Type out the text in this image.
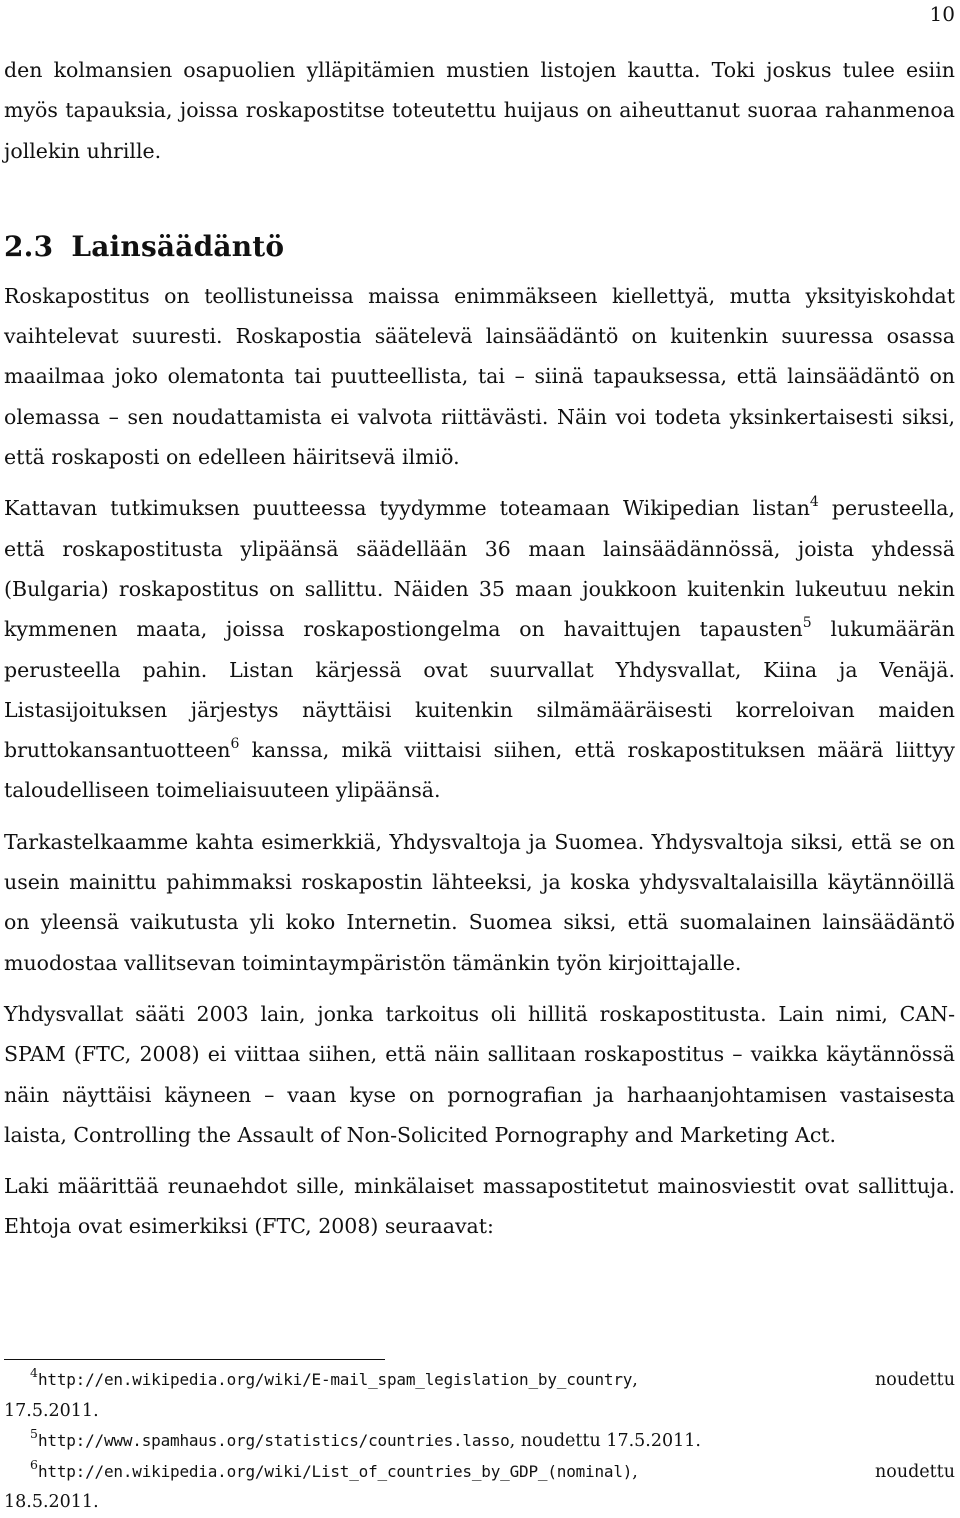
10

den kolmansien osapuolien ylläpitämien mustien listojen kautta. Toki joskus tulee esiin myös tapauksia, joissa roskapostitse toteutettu huijaus on aiheuttanut suoraa rahanmenoa jollekin uhrille.

2.3 Lainsäädäntö

Roskapostitus on teollistuneissa maissa enimmäkseen kiellettyä, mutta yksityiskohdat vaihtelevat suuresti. Roskapostia säätelevä lainsäädäntö on kuitenkin suuressa osassa maailmaa joko olematonta tai puutteellista, tai – siinä tapauksessa, että lainsäädäntö on olemassa – sen noudattamista ei valvota riittävästi. Näin voi todeta yksinkertaisesti siksi, että roskaposti on edelleen häiritsevä ilmiö.

Kattavan tutkimuksen puutteessa tyydymme toteamaan Wikipedian listan$^4$ perusteella, että roskapostitusta ylipäänsä säädellään 36 maan lainsäädännössä, joista yhdessä (Bulgaria) roskapostitus on sallittu. Näiden 35 maan joukkoon kuitenkin lukeutuu nekin kymmenen maata, joissa roskapostiongelma on havaittujen tapausten$^5$ lukumäärän perusteella pahin. Listan kärjessä ovat suurvallat Yhdysvallat, Kiina ja Venäjä. Listasijoituksen järjestys näyttäisi kuitenkin silmämääräisesti korreloivan maiden bruttokansantuotteen$^6$ kanssa, mikä viittaisi siihen, että roskapostituksen määrä liittyy taloudelliseen toimeliaisuuteen ylipäänsä.

Tarkastelkaamme kahta esimerkkiä, Yhdysvaltoja ja Suomea. Yhdysvaltoja siksi, että se on usein mainittu pahimmaksi roskapostin lähteeksi, ja koska yhdysvaltalaisilla käytännöillä on yleensä vaikutusta yli koko Internetin. Suomea siksi, että suomalainen lainsäädäntö muodostaa vallitsevan toimintaympäristön tämänkin työn kirjoittajalle.

Yhdysvallat sääti 2003 lain, jonka tarkoitus oli hillitä roskapostitusta. Lain nimi, CAN-SPAM (FTC, 2008) ei viittaa siihen, että näin sallitaan roskapostitus – vaikka käytännössä näin näyttäisi käyneen – vaan kyse on pornografian ja harhaanjohtamisen vastaisesta laista, Controlling the Assault of Non-Solicited Pornography and Marketing Act.

Laki määrittää reunaehdot sille, minkälaiset massapostitetut mainosviestit ovat sallittuja. Ehtoja ovat esimerkiksi (FTC, 2008) seuraavat:

$^4$http://en.wikipedia.org/wiki/E-mail_spam_legislation_by_country,	noudettu
17.5.2011.
$^5$http://www.spamhaus.org/statistics/countries.lasso, noudettu 17.5.2011.
$^6$http://en.wikipedia.org/wiki/List_of_countries_by_GDP_(nominal),	noudettu
18.5.2011.
